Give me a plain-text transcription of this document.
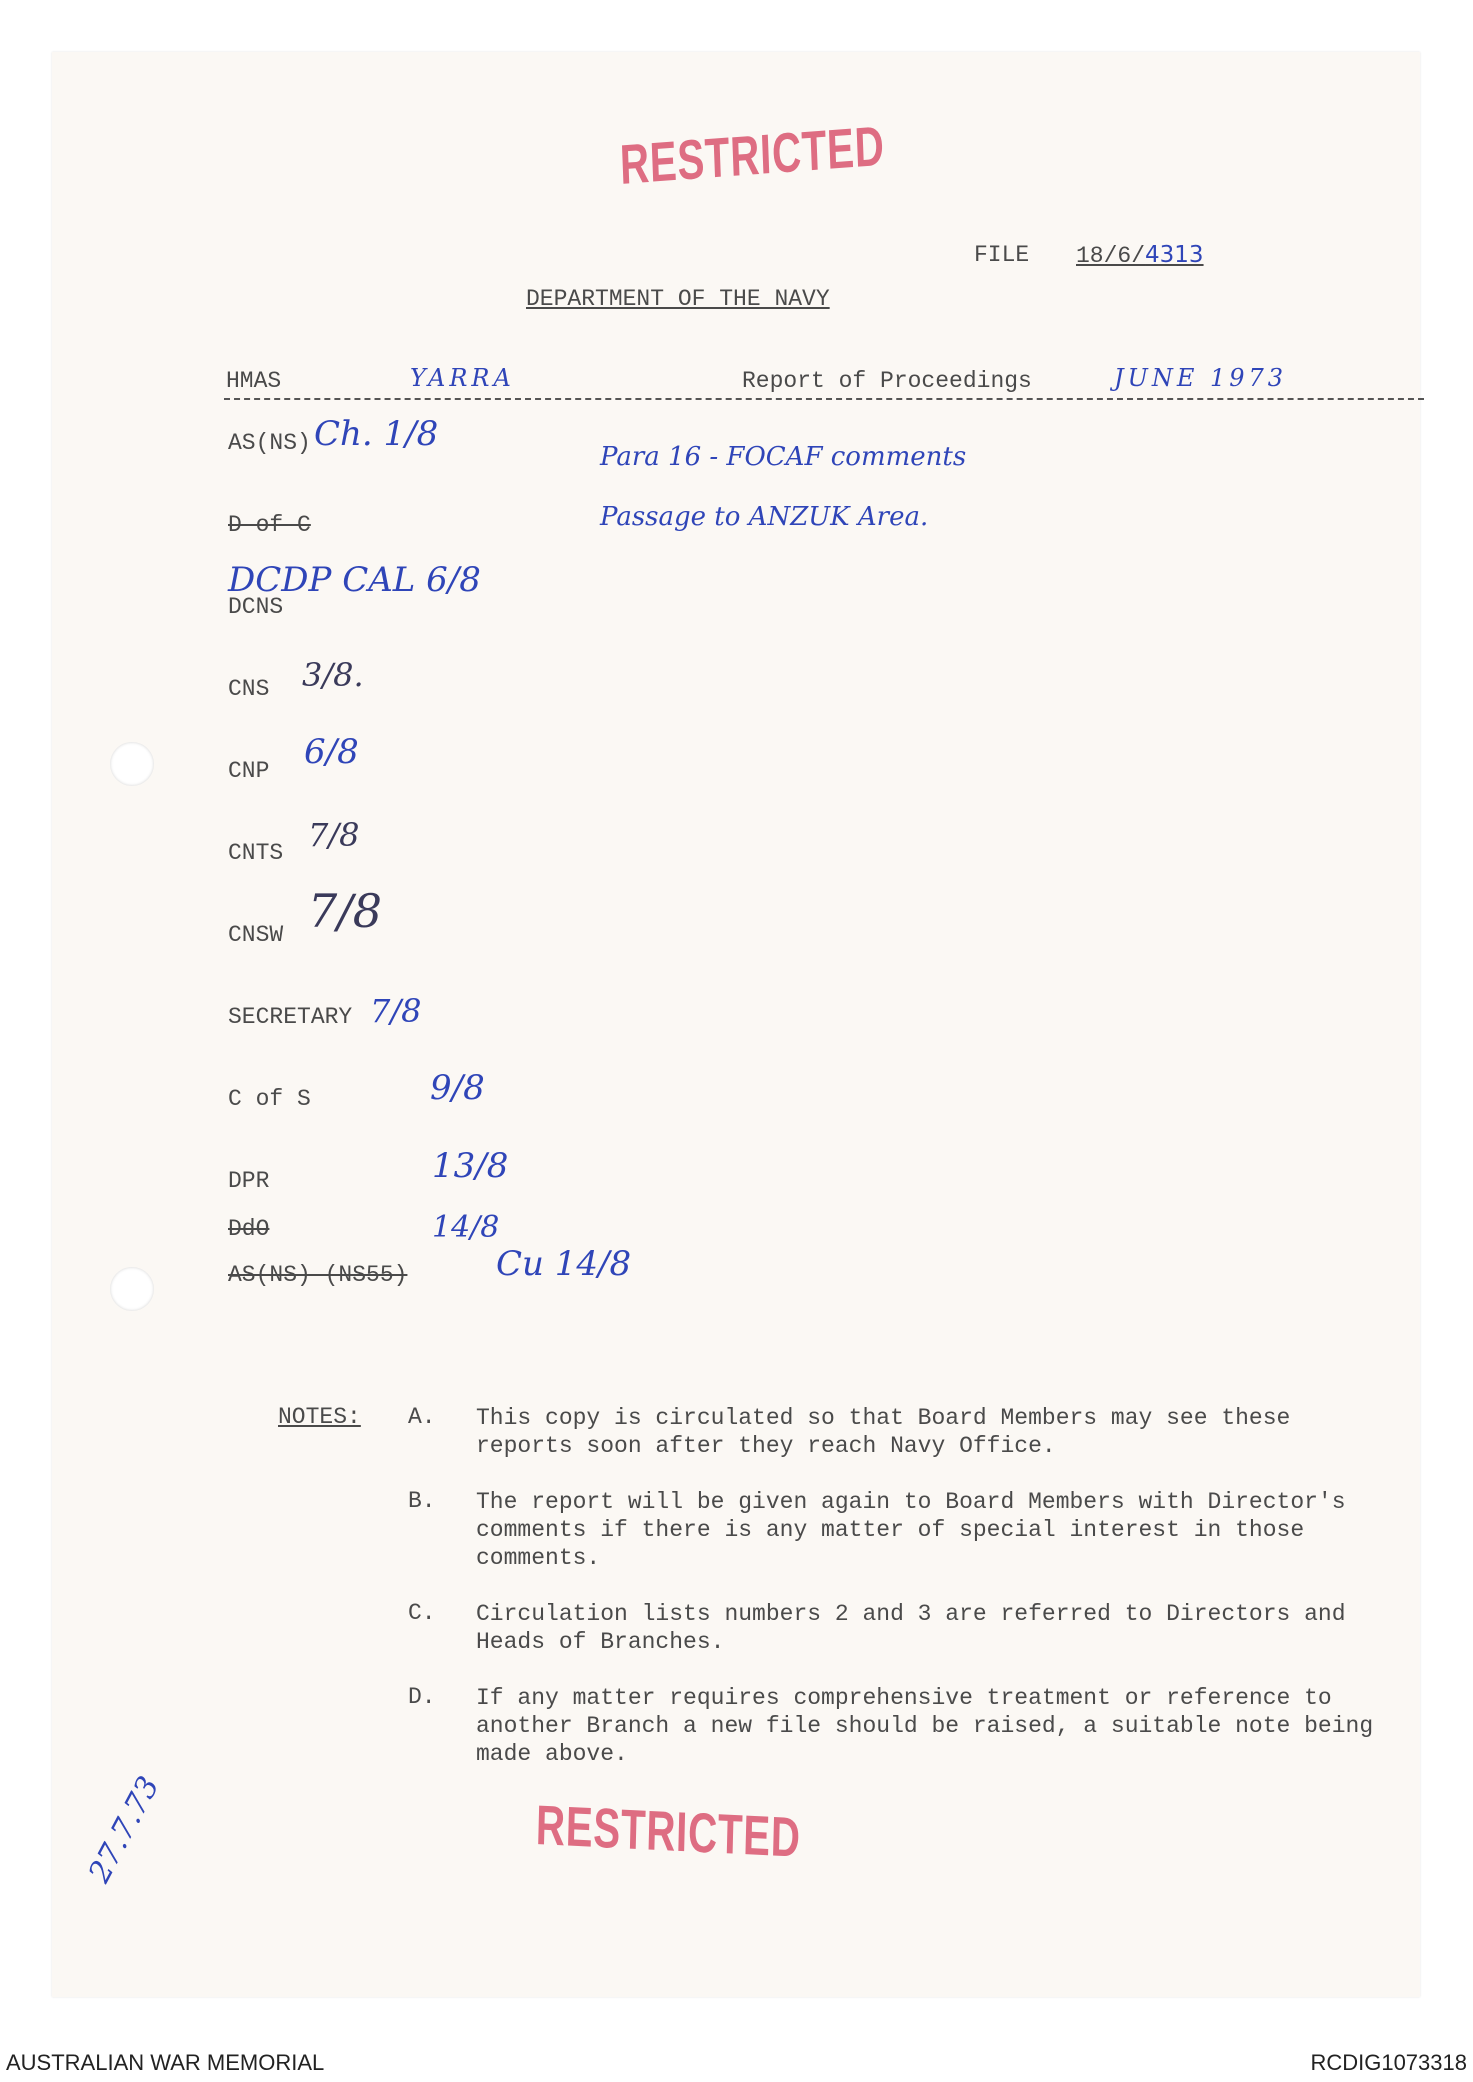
RESTRICTED
FILE 18/6/4313
DEPARTMENT OF THE NAVY
HMAS	YARRA	Report of Proceedings	JUNE 1973
Para 16 - FOCAF comments
Passage to ANZUK Area.
AS(NS) Ch. 1/8
D of C
DCNS
DCDP CAL 6/8
CNS 3/8.
CNP 6/8
CNTS 7/8
CNSW 7/8
SECRETARY 7/8
C of S	9/8
DPR	13/8
DdO	14/8
AS(NS) (NS55)	Cu 14/8
NOTES: A. This copy is circulated so that Board Members may see these reports soon after they reach Navy Office.
B. The report will be given again to Board Members with Director's comments if there is any matter of special interest in those comments.
C. Circulation lists numbers 2 and 3 are referred to Directors and Heads of Branches.
D. If any matter requires comprehensive treatment or reference to another Branch a new file should be raised, a suitable note being made above.
RESTRICTED
27.7.73
AUSTRALIAN WAR MEMORIAL	RCDIG1073318
